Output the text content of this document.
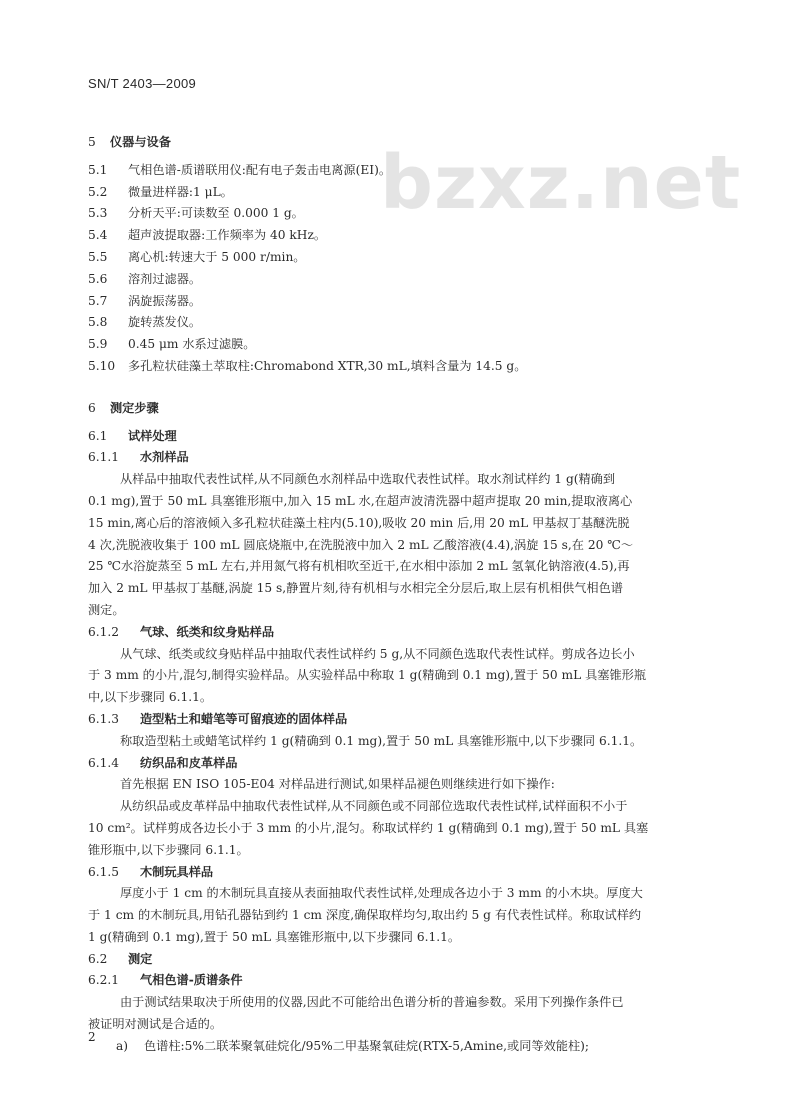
SN/T 2403—2009
bzxz.net
5 仪器与设备
5.1 气相色谱-质谱联用仪:配有电子轰击电离源(EI)。
5.2 微量进样器:1 μL。
5.3 分析天平:可读数至 0.000 1 g。
5.4 超声波提取器:工作频率为 40 kHz。
5.5 离心机:转速大于 5 000 r/min。
5.6 溶剂过滤器。
5.7 涡旋振荡器。
5.8 旋转蒸发仪。
5.9 0.45 μm 水系过滤膜。
5.10 多孔粒状硅藻土萃取柱:Chromabond XTR,30 mL,填料含量为 14.5 g。
6 测定步骤
6.1 试样处理
6.1.1 水剂样品
从样品中抽取代表性试样,从不同颜色水剂样品中选取代表性试样。取水剂试样约 1 g(精确到
0.1 mg),置于 50 mL 具塞锥形瓶中,加入 15 mL 水,在超声波清洗器中超声提取 20 min,提取液离心
15 min,离心后的溶液倾入多孔粒状硅藻土柱内(5.10),吸收 20 min 后,用 20 mL 甲基叔丁基醚洗脱
4 次,洗脱液收集于 100 mL 圆底烧瓶中,在洗脱液中加入 2 mL 乙酸溶液(4.4),涡旋 15 s,在 20 ℃～
25 ℃水浴旋蒸至 5 mL 左右,并用氮气将有机相吹至近干,在水相中添加 2 mL 氢氧化钠溶液(4.5),再
加入 2 mL 甲基叔丁基醚,涡旋 15 s,静置片刻,待有机相与水相完全分层后,取上层有机相供气相色谱
测定。
6.1.2 气球、纸类和纹身贴样品
从气球、纸类或纹身贴样品中抽取代表性试样约 5 g,从不同颜色选取代表性试样。剪成各边长小
于 3 mm 的小片,混匀,制得实验样品。从实验样品中称取 1 g(精确到 0.1 mg),置于 50 mL 具塞锥形瓶
中,以下步骤同 6.1.1。
6.1.3 造型粘土和蜡笔等可留痕迹的固体样品
称取造型粘土或蜡笔试样约 1 g(精确到 0.1 mg),置于 50 mL 具塞锥形瓶中,以下步骤同 6.1.1。
6.1.4 纺织品和皮革样品
首先根据 EN ISO 105-E04 对样品进行测试,如果样品褪色则继续进行如下操作:
从纺织品或皮革样品中抽取代表性试样,从不同颜色或不同部位选取代表性试样,试样面积不小于
10 cm²。试样剪成各边长小于 3 mm 的小片,混匀。称取试样约 1 g(精确到 0.1 mg),置于 50 mL 具塞
锥形瓶中,以下步骤同 6.1.1。
6.1.5 木制玩具样品
厚度小于 1 cm 的木制玩具直接从表面抽取代表性试样,处理成各边小于 3 mm 的小木块。厚度大
于 1 cm 的木制玩具,用钻孔器钻到约 1 cm 深度,确保取样均匀,取出约 5 g 有代表性试样。称取试样约
1 g(精确到 0.1 mg),置于 50 mL 具塞锥形瓶中,以下步骤同 6.1.1。
6.2 测定
6.2.1 气相色谱-质谱条件
由于测试结果取决于所使用的仪器,因此不可能给出色谱分析的普遍参数。采用下列操作条件已
被证明对测试是合适的。
a) 色谱柱:5%二联苯聚氧硅烷化/95%二甲基聚氧硅烷(RTX-5,Amine,或同等效能柱);
2
